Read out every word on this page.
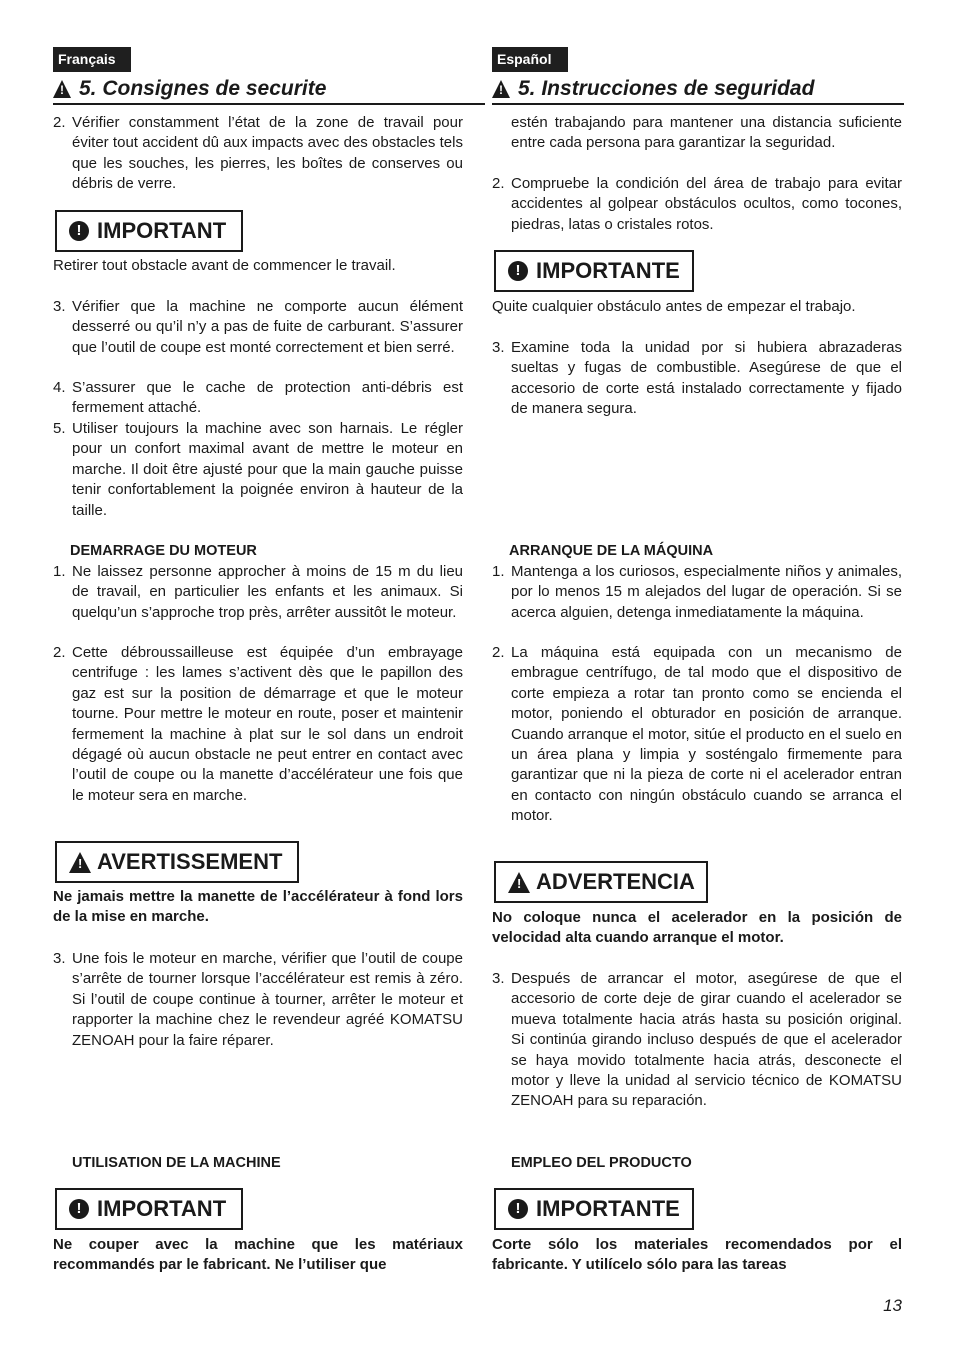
Français
!
5. Consignes de securite
2. Vérifier constamment l’état de la zone de travail pour éviter tout accident dû aux impacts avec des obstacles tels que les souches, les pierres, les boîtes de conserves ou débris de verre.
! IMPORTANT
Retirer tout obstacle avant de commencer le travail.
3. Vérifier que la machine ne comporte aucun élément desserré ou qu’il n’y a pas de fuite de carburant. S’assurer que l’outil de coupe est monté correctement et bien serré.
4. S’assurer que le cache de protection anti-débris est fermement attaché.
5. Utiliser toujours la machine avec son harnais. Le régler pour un confort maximal avant de mettre le moteur en marche. Il doit être ajusté pour que la main gauche puisse tenir confortablement la poignée environ à hauteur de la taille.
DEMARRAGE DU MOTEUR
1. Ne laissez personne approcher à moins de 15 m du lieu de travail, en particulier les enfants et les animaux. Si quelqu’un s’approche trop près, arrêter aussitôt le moteur.
2. Cette débroussailleuse est équipée d’un embrayage centrifuge : les lames s’activent dès que le papillon des gaz est sur la position de démarrage et que le moteur tourne. Pour mettre le moteur en route, poser et maintenir fermement la machine à plat sur le sol dans un endroit dégagé où aucun obstacle ne peut entrer en contact avec l’outil de coupe ou la manette d’accélérateur une fois que le moteur sera en marche.
!
AVERTISSEMENT
Ne jamais mettre la manette de l’accélérateur à fond lors de la mise en marche.
3. Une fois le moteur en marche, vérifier que l’outil de coupe s’arrête de tourner lorsque l’accélérateur est remis à zéro. Si l’outil de coupe continue à tourner, arrêter le moteur et rapporter la machine chez le revendeur agréé KOMATSU ZENOAH pour la faire réparer.
UTILISATION DE LA MACHINE
! IMPORTANT
Ne couper avec la machine que les matériaux recommandés par le fabricant. Ne l’utiliser que
Español
!
5. Instrucciones de seguridad
estén trabajando para mantener una distancia suficiente entre cada persona para garantizar la seguridad.
2. Compruebe la condición del área de trabajo para evitar accidentes al golpear obstáculos ocultos, como tocones, piedras, latas o cristales rotos.
! IMPORTANTE
Quite cualquier obstáculo antes de empezar el trabajo.
3. Examine toda la unidad por si hubiera abrazaderas sueltas y fugas de combustible. Asegúrese de que el accesorio de corte está instalado correctamente y fijado de manera segura.
ARRANQUE DE LA MÁQUINA
1. Mantenga a los curiosos, especialmente niños y animales, por lo menos 15 m alejados del lugar de operación. Si se acerca alguien, detenga inmediatamente la máquina.
2. La máquina está equipada con un mecanismo de embrague centrífugo, de tal modo que el dispositivo de corte empieza a rotar tan pronto como se encienda el motor, poniendo el obturador en posición de arranque. Cuando arranque el motor, sitúe el producto en el suelo en un área plana y limpia y sosténgalo firmemente para garantizar que ni la pieza de corte ni el acelerador entran en contacto con ningún obstáculo cuando se arranca el motor.
!
ADVERTENCIA
No coloque nunca el acelerador en la posición de velocidad alta cuando arranque el motor.
3. Después de arrancar el motor, asegúrese de que el accesorio de corte deje de girar cuando el acelerador se mueva totalmente hacia atrás hasta su posición original. Si continúa girando incluso después de que el acelerador se haya movido totalmente hacia atrás, desconecte el motor y lleve la unidad al servicio técnico de KOMATSU ZENOAH para su reparación.
EMPLEO DEL PRODUCTO
! IMPORTANTE
Corte sólo los materiales recomendados por el fabricante. Y utilícelo sólo para las tareas
13
